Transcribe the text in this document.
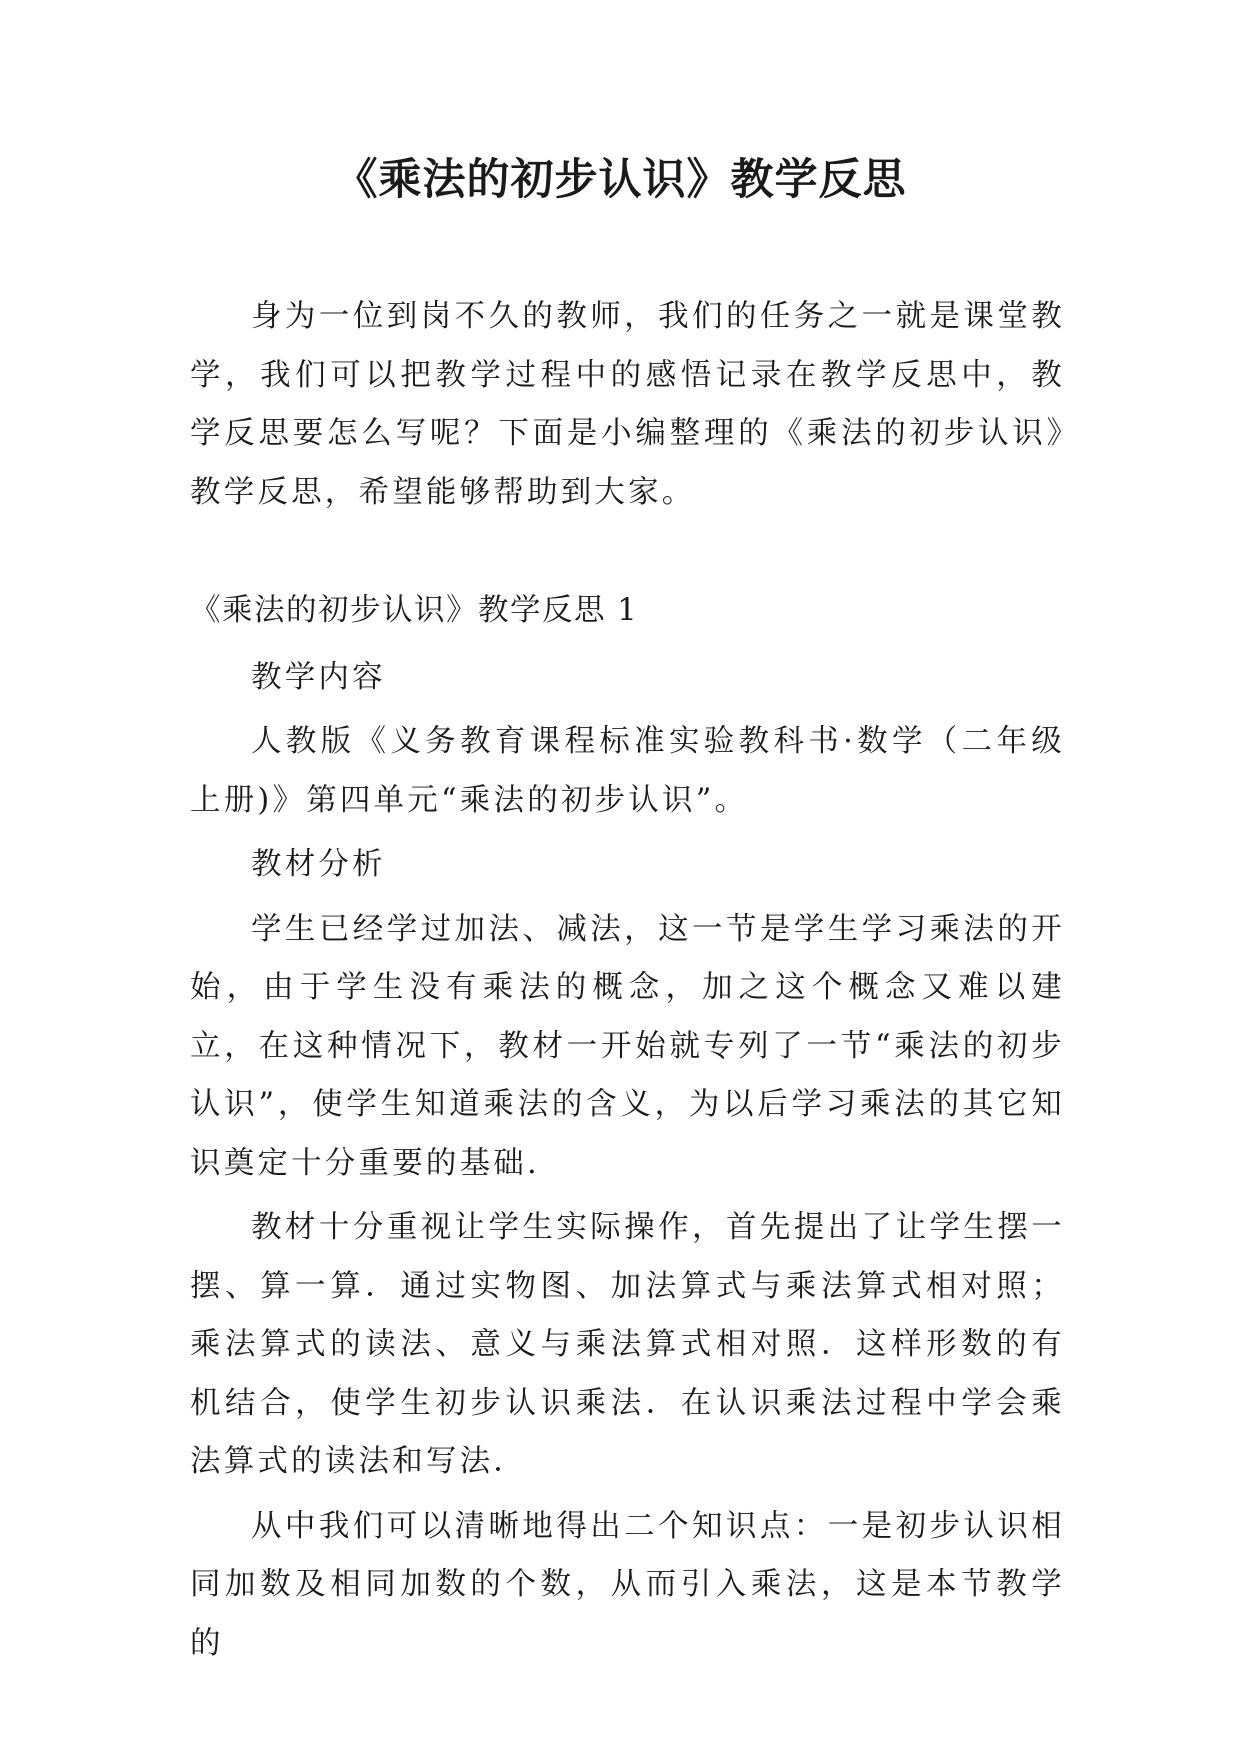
《乘法的初步认识》教学反思

身为一位到岗不久的教师，我们的任务之一就是课堂教学，我们可以把教学过程中的感悟记录在教学反思中，教学反思要怎么写呢？下面是小编整理的《乘法的初步认识》教学反思，希望能够帮助到大家。

《乘法的初步认识》教学反思 1

教学内容

人教版《义务教育课程标准实验教科书·数学（二年级上册)》第四单元“乘法的初步认识”。

教材分析

学生已经学过加法、减法，这一节是学生学习乘法的开始，由于学生没有乘法的概念，加之这个概念又难以建立，在这种情况下，教材一开始就专列了一节“乘法的初步认识”，使学生知道乘法的含义，为以后学习乘法的其它知识奠定十分重要的基础.

教材十分重视让学生实际操作，首先提出了让学生摆一摆、算一算．通过实物图、加法算式与乘法算式相对照；乘法算式的读法、意义与乘法算式相对照．这样形数的有机结合，使学生初步认识乘法．在认识乘法过程中学会乘法算式的读法和写法．

从中我们可以清晰地得出二个知识点：一是初步认识相同加数及相同加数的个数，从而引入乘法，这是本节教学的
